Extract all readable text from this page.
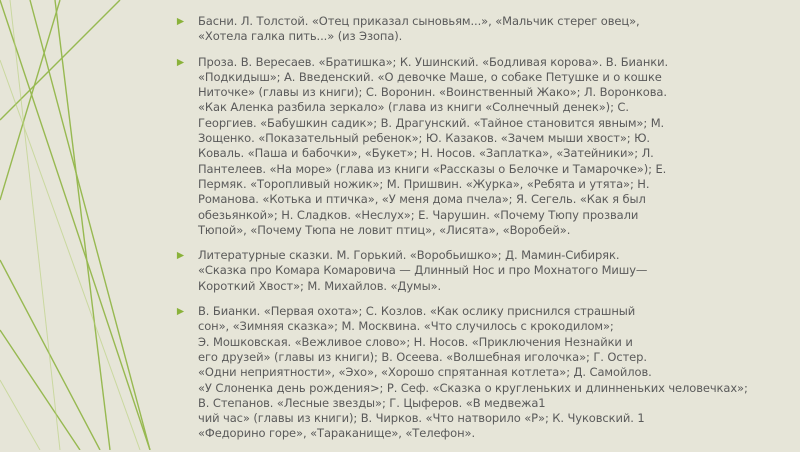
Басни. Л. Толстой. «Отец приказал сыновьям...», «Мальчик стерег овец»,
«Хотела галка пить...» (из Эзопа).
Проза. В. Вересаев. «Братишка»; К. Ушинский. «Бодливая корова». В. Бианки.
«Подкидыш»; А. Введенский. «О девочке Маше, о собаке Петушке и о кошке
Ниточке» (главы из книги); С. Воронин. «Воинственный Жако»; Л. Воронкова.
«Как Аленка разбила зеркало» (глава из книги «Солнечный денек»); С.
Георгиев. «Бабушкин садик»; В. Драгунский. «Тайное становится явным»; М.
Зощенко. «Показательный ребенок»; Ю. Казаков. «Зачем мыши хвост»; Ю.
Коваль. «Паша и бабочки», «Букет»; Н. Носов. «Заплатка», «Затейники»; Л.
Пантелеев. «На море» (глава из книги «Рассказы о Белочке и Тамарочке»); Е.
Пермяк. «Торопливый ножик»; М. Пришвин. «Журка», «Ребята и утята»; Н.
Романова. «Котька и птичка», «У меня дома пчела»; Я. Сегель. «Как я был
обезьянкой»; Н. Сладков. «Неслух»; Е. Чарушин. «Почему Тюпу прозвали
Тюпой», «Почему Тюпа не ловит птиц», «Лисята», «Воробей».
Литературные сказки. М. Горький. «Воробьишко»; Д. Мамин-Сибиряк.
«Сказка про Комара Комаровича — Длинный Нос и про Мохнатого Мишу—
Короткий Хвост»; М. Михайлов. «Думы».
В. Бианки. «Первая охота»; С. Козлов. «Как ослику приснился страшный
сон», «Зимняя сказка»; М. Москвина. «Что случилось с крокодилом»;
Э. Мошковская. «Вежливое слово»; Н. Носов. «Приключения Незнайки и
его друзей» (главы из книги); В. Осеева. «Волшебная иголочка»; Г. Остер.
«Одни неприятности», «Эхо», «Хорошо спрятанная котлета»; Д. Самойлов.
«У Слоненка день рождения>; Р. Сеф. «Сказка о кругленьких и длинненьких человечках»; В. Степанов. «Лесные звезды»; Г. Цыферов. «В медвежа1
чий час» (главы из книги); В. Чирков. «Что натворило «Р»; К. Чуковский. 1
«Федорино горе», «Тараканище», «Телефон».
